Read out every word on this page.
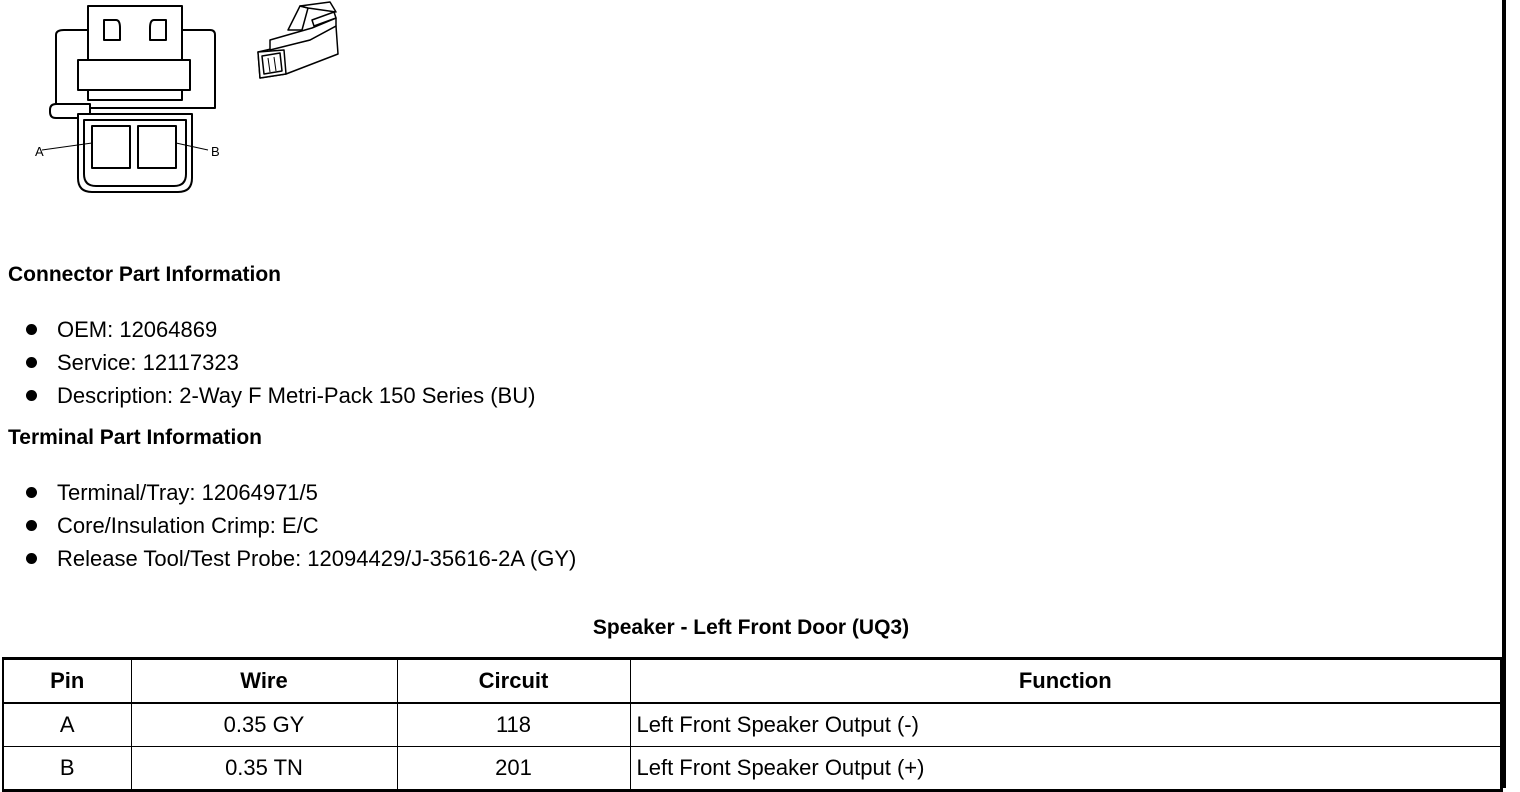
A	B
Connector Part Information
OEM: 12064869
Service: 12117323
Description: 2-Way F Metri-Pack 150 Series (BU)
Terminal Part Information
Terminal/Tray: 12064971/5
Core/Insulation Crimp: E/C
Release Tool/Test Probe: 12094429/J-35616-2A (GY)
Speaker - Left Front Door (UQ3)
Pin	Wire	Circuit	Function
A	0.35 GY	118	Left Front Speaker Output (-)
B	0.35 TN	201	Left Front Speaker Output (+)
